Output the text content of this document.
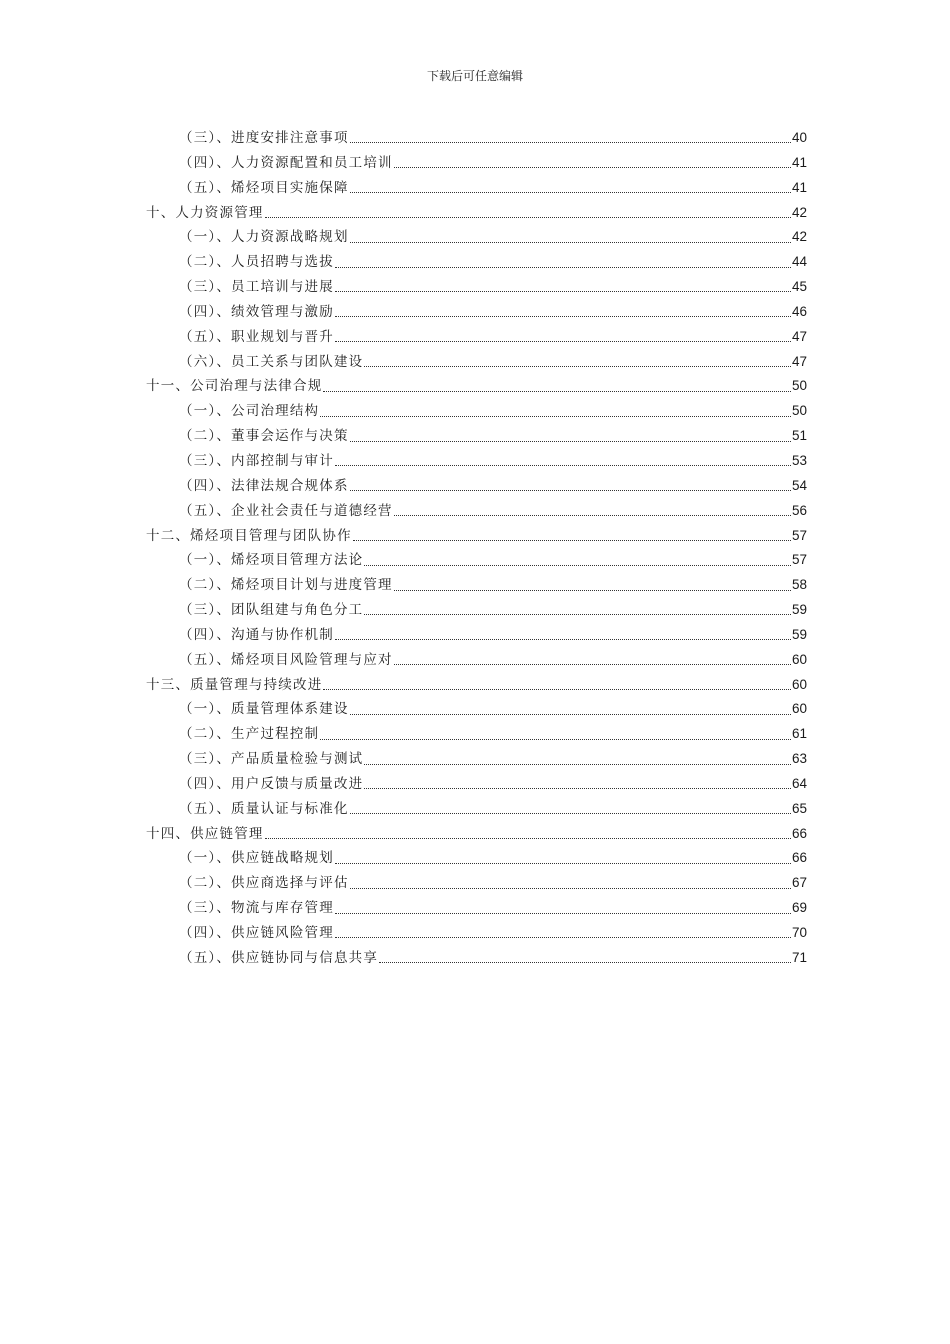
下载后可任意编辑
（三）、进度安排注意事项	40
（四）、人力资源配置和员工培训	41
（五）、烯烃项目实施保障	41
十、人力资源管理	42
（一）、人力资源战略规划	42
（二）、人员招聘与选拔	44
（三）、员工培训与进展	45
（四）、绩效管理与激励	46
（五）、职业规划与晋升	47
（六）、员工关系与团队建设	47
十一、公司治理与法律合规	50
（一）、公司治理结构	50
（二）、董事会运作与决策	51
（三）、内部控制与审计	53
（四）、法律法规合规体系	54
（五）、企业社会责任与道德经营	56
十二、烯烃项目管理与团队协作	57
（一）、烯烃项目管理方法论	57
（二）、烯烃项目计划与进度管理	58
（三）、团队组建与角色分工	59
（四）、沟通与协作机制	59
（五）、烯烃项目风险管理与应对	60
十三、质量管理与持续改进	60
（一）、质量管理体系建设	60
（二）、生产过程控制	61
（三）、产品质量检验与测试	63
（四）、用户反馈与质量改进	64
（五）、质量认证与标准化	65
十四、供应链管理	66
（一）、供应链战略规划	66
（二）、供应商选择与评估	67
（三）、物流与库存管理	69
（四）、供应链风险管理	70
（五）、供应链协同与信息共享	71
